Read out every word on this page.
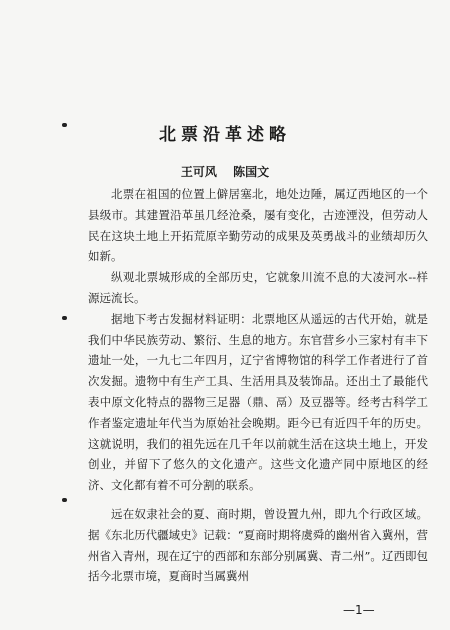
北票沿革述略
王可风 陈国文

北票在祖国的位置上僻居塞北，地处边陲，属辽西地区的一个县级市。其建置沿革虽几经沧桑，屡有变化，古迹湮没，但劳动人民在这块土地上开拓荒原辛勤劳动的成果及英勇战斗的业绩却历久如新。

纵观北票城形成的全部历史，它就象川流不息的大凌河水--样源远流长。

据地下考古发掘材料证明：北票地区从遥远的古代开始，就是我们中华民族劳动、繁衍、生息的地方。东官营乡小三家村有丰下遗址一处，一九七二年四月，辽宁省博物馆的科学工作者进行了首次发掘。遗物中有生产工具、生活用具及装饰品。还出土了最能代表中原文化特点的器物三足器（鼎、鬲）及豆器等。经考古科学工作者鉴定遗址年代当为原始社会晚期。距今已有近四千年的历史。这就说明，我们的祖先远在几千年以前就生活在这块土地上，开发创业，并留下了悠久的文化遗产。这些文化遗产同中原地区的经济、文化都有着不可分割的联系。

远在奴隶社会的夏、商时期，曾设置九州，即九个行政区域。据《东北历代疆域史》记载：“夏商时期将虞舜的幽州省入冀州，营州省入青州，现在辽宁的西部和东部分别属冀、青二州”。辽西即包括今北票市境，夏商时当属冀州

—1—
